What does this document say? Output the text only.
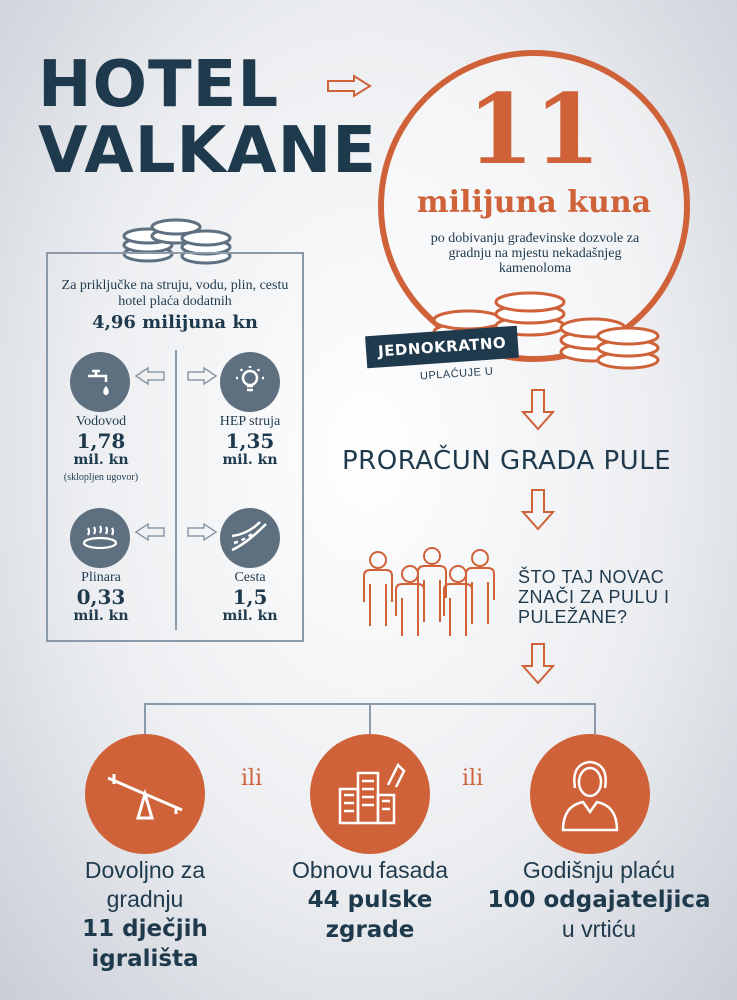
HOTEL
VALKANE 11
milijuna kuna
po dobivanju građevinske dozvole za gradnju na mjestu nekadašnjeg kamenoloma
JEDNOKRATNO
UPLAĆUJE U
Za priključke na struju, vodu, plin, cestu hotel plaća dodatnih
4,96 milijuna kn
Vodovod
1,78
mil. kn
(sklopljen ugovor)
HEP struja
1,35
mil. kn
Plinara
0,33
mil. kn
Cesta
1,5
mil. kn
PRORAČUN GRADA PULE
ŠTO TAJ NOVAC
ZNAČI ZA PULU I
PULEŽANE?
ili	ili
Dovoljno za
gradnju
11 dječjih igrališta
Obnovu fasada
44 pulske
zgrade
Godišnju plaću
100 odgajateljica
u vrtiću
